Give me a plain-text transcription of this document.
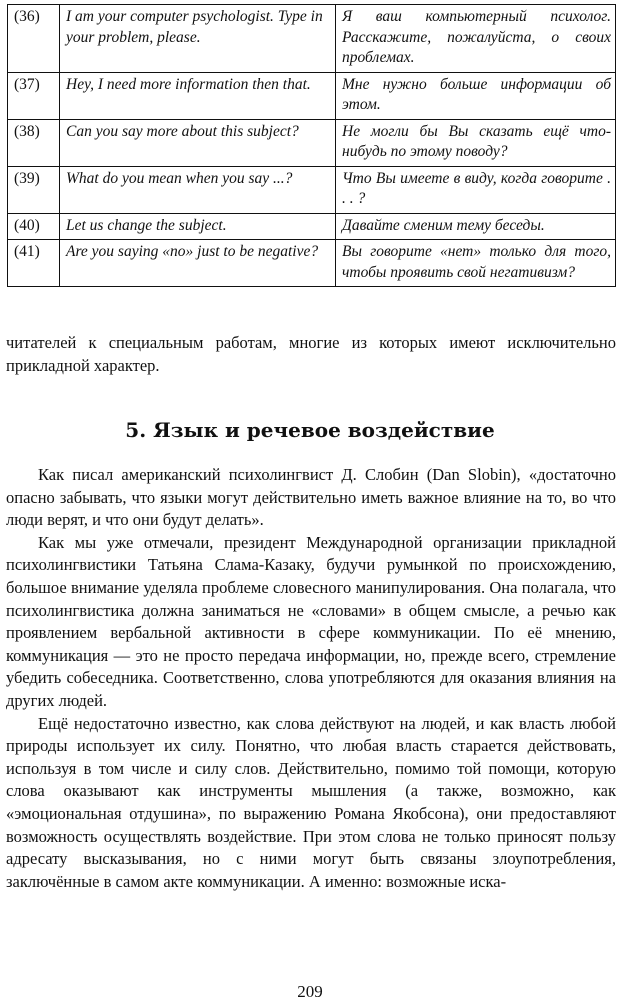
(36)	I am your computer psychologist. Type in your problem, please.	Я ваш компьютерный психолог. Расскажите, пожалуйста, о своих проблемах.
(37)	Hey, I need more information then that.	Мне нужно больше информации об этом.
(38)	Can you say more about this subject?	Не могли бы Вы сказать ещё что-нибудь по этому поводу?
(39)	What do you mean when you say ...?	Что Вы имеете в виду, когда говорите . . . ?
(40)	Let us change the subject.	Давайте сменим тему беседы.
(41)	Are you saying «no» just to be negative?	Вы говорите «нет» только для того, чтобы проявить свой негативизм?

читателей к специальным работам, многие из которых имеют исключительно прикладной характер.

5. Язык и речевое воздействие

Как писал американский психолингвист Д. Слобин (Dan Slobin), «достаточно опасно забывать, что языки могут действительно иметь важное влияние на то, во что люди верят, и что они будут делать».

Как мы уже отмечали, президент Международной организации прикладной психолингвистики Татьяна Слама-Казаку, будучи румынкой по происхождению, большое внимание уделяла проблеме словесного манипулирования. Она полагала, что психолингвистика должна заниматься не «словами» в общем смысле, а речью как проявлением вербальной активности в сфере коммуникации. По её мнению, коммуникация — это не просто передача информации, но, прежде всего, стремление убедить собеседника. Соответственно, слова употребляются для оказания влияния на других людей.

Ещё недостаточно известно, как слова действуют на людей, и как власть любой природы использует их силу. Понятно, что любая власть старается действовать, используя в том числе и силу слов. Действительно, помимо той помощи, которую слова оказывают как инструменты мышления (а также, возможно, как «эмоциональная отдушина», по выражению Романа Якобсона), они предоставляют возможность осуществлять воздействие. При этом слова не только приносят пользу адресату высказывания, но с ними могут быть связаны злоупотребления, заключённые в самом акте коммуникации. А именно: возможные иска-

209
